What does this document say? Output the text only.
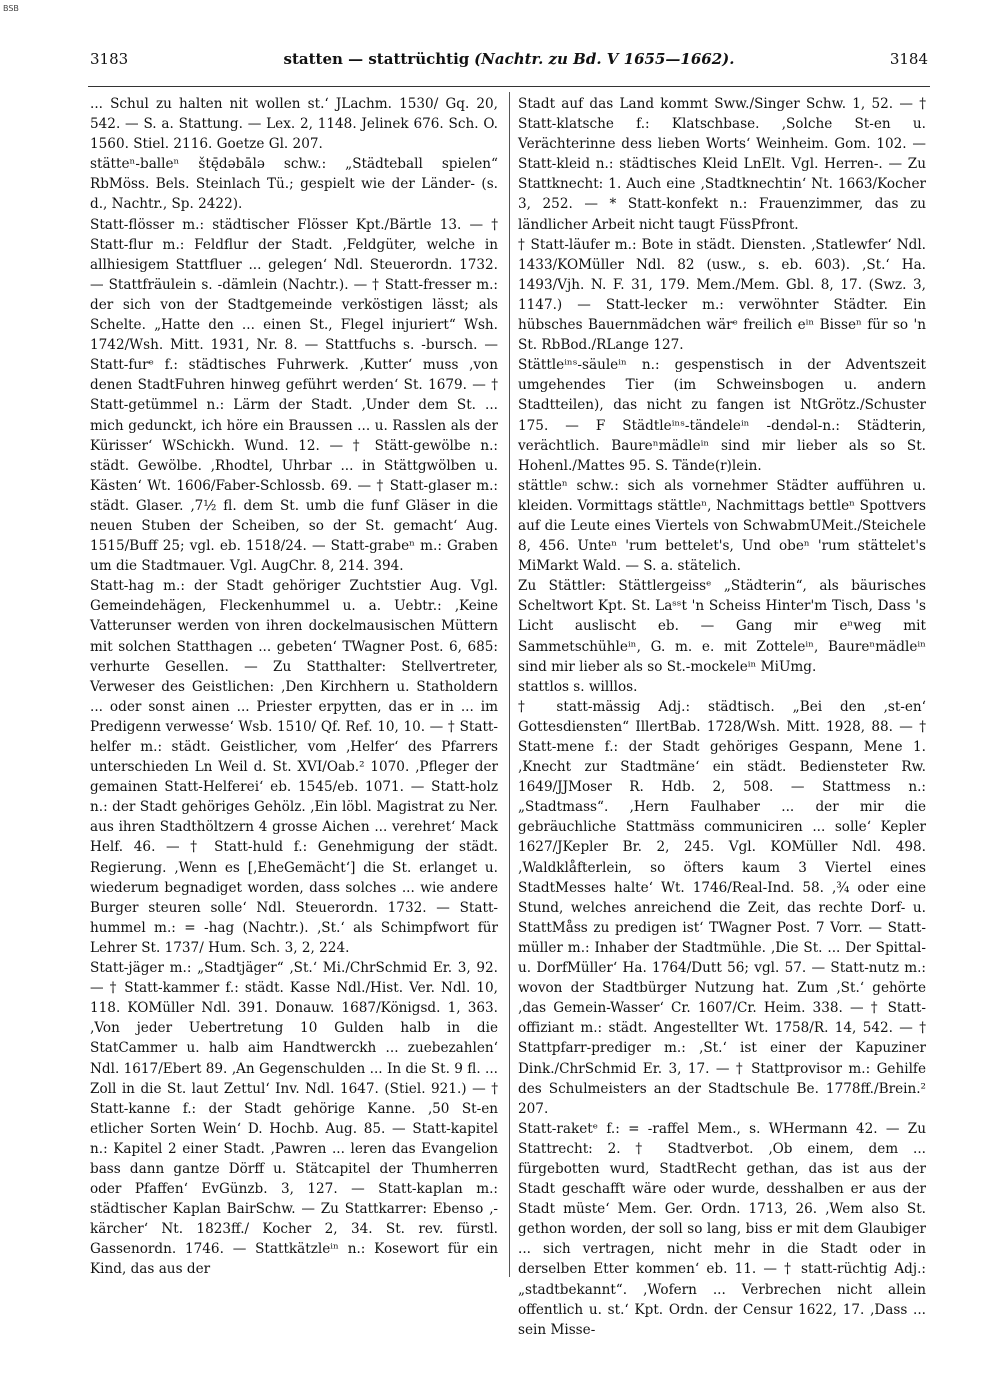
BSB
3183	statten — stattrüchtig (Nachtr. zu Bd. V 1655—1662).	3184

... Schul zu halten nit wollen st.‘ JLachm. 1530/ Gq. 20, 542. — S. a. Stattung. — Lex. 2, 1148. Jelinek 676. Sch. O. 1560. Stiel. 2116. Goetze Gl. 207.

stätteⁿ-balleⁿ štę̄dəbālə schw.: „Städteball spielen“ RbMöss. Bels. Steinlach Tü.; gespielt wie der Länder- (s. d., Nachtr., Sp. 2422).

Statt-flösser m.: städtischer Flösser Kpt./Bärtle 13. — † Statt-flur m.: Feldflur der Stadt. ‚Feldgüter, welche in allhiesigem Stattfluer ... gelegen‘ Ndl. Steuerordn. 1732. — Stattfräulein s. -dämlein (Nachtr.). — † Statt-fresser m.: der sich von der Stadtgemeinde verköstigen lässt; als Schelte. „Hatte den ... einen St., Flegel injuriert“ Wsh. 1742/Wsh. Mitt. 1931, Nr. 8. — Stattfuchs s. -bursch. — Statt-furᵉ f.: städtisches Fuhrwerk. ‚Kutter‘ muss ‚von denen StadtFuhren hinweg geführt werden‘ St. 1679. — † Statt-getümmel n.: Lärm der Stadt. ‚Under dem St. ... mich gedunckt, ich höre ein Braussen ... u. Rasslen als der Kürisser‘ WSchickh. Wund. 12. — † Stätt-gewölbe n.: städt. Gewölbe. ‚Rhodtel, Uhrbar ... in Stättgwölben u. Kästen‘ Wt. 1606/Faber-Schlossb. 69. — † Statt-glaser m.: städt. Glaser. ‚7½ fl. dem St. umb die funf Gläser in die neuen Stuben der Scheiben, so der St. gemacht‘ Aug. 1515/Buff 25; vgl. eb. 1518/24. — Statt-grabeⁿ m.: Graben um die Stadtmauer. Vgl. AugChr. 8, 214. 394.

Statt-hag m.: der Stadt gehöriger Zuchtstier Aug. Vgl. Gemeindehägen, Fleckenhummel u. a. Uebtr.: ‚Keine Vatterunser werden von ihren dockelmausischen Müttern mit solchen Statthagen ... gebeten‘ TWagner Post. 6, 685: verhurte Gesellen. — Zu Statthalter: Stellvertreter, Verweser des Geistlichen: ‚Den Kirchhern u. Statholdern ... oder sonst ainen ... Priester erpytten, das er in ... im Predigenn verwesse‘ Wsb. 1510/ Qf. Ref. 10, 10. — † Statt-helfer m.: städt. Geistlicher, vom ‚Helfer‘ des Pfarrers unterschieden Ln Weil d. St. XVI/Oab.² 1070. ‚Pfleger der gemainen Statt-Helferei‘ eb. 1545/eb. 1071. — Statt-holz n.: der Stadt gehöriges Gehölz. ‚Ein löbl. Magistrat zu Ner. aus ihren Stadthöltzern 4 grosse Aichen ... verehret‘ Mack Helf. 46. — † Statt-huld f.: Genehmigung der städt. Regierung. ‚Wenn es [‚EheGemächt‘] die St. erlanget u. wiederum begnadiget worden, dass solches ... wie andere Burger steuren solle‘ Ndl. Steuerordn. 1732. — Statt-hummel m.: = -hag (Nachtr.). ‚St.‘ als Schimpfwort für Lehrer St. 1737/ Hum. Sch. 3, 2, 224.

Statt-jäger m.: „Stadtjäger“ ‚St.‘ Mi./ChrSchmid Er. 3, 92. — † Statt-kammer f.: städt. Kasse Ndl./Hist. Ver. Ndl. 10, 118. KOMüller Ndl. 391. Donauw. 1687/Königsd. 1, 363. ‚Von jeder Uebertretung 10 Gulden halb in die StatCammer u. halb aim Handtwerckh ... zuebezahlen‘ Ndl. 1617/Ebert 89. ‚An Gegenschulden ... In die St. 9 fl. ... Zoll in die St. laut Zettul‘ Inv. Ndl. 1647. (Stiel. 921.) — † Statt-kanne f.: der Stadt gehörige Kanne. ‚50 St-en etlicher Sorten Wein‘ D. Hochb. Aug. 85. — Statt-kapitel n.: Kapitel 2 einer Stadt. ‚Pawren ... leren das Evangelion bass dann gantze Dörff u. Stätcapitel der Thumherren oder Pfaffen‘ EvGünzb. 3, 127. — Statt-kaplan m.: städtischer Kaplan BairSchw. — Zu Stattkarrer: Ebenso ‚-kärcher‘ Nt. 1823ff./ Kocher 2, 34. St. rev. fürstl. Gassenordn. 1746. — Stattkätzleⁱⁿ n.: Kosewort für ein Kind, das aus der

Stadt auf das Land kommt Sww./Singer Schw. 1, 52. — † Statt-klatsche f.: Klatschbase. ‚Solche St-en u. Verächterinne dess lieben Worts‘ Weinheim. Gom. 102. — Statt-kleid n.: städtisches Kleid LnElt. Vgl. Herren-. — Zu Stattknecht: 1. Auch eine ‚Stadtknechtin‘ Nt. 1663/Kocher 3, 252. — * Statt-konfekt n.: Frauenzimmer, das zu ländlicher Arbeit nicht taugt FüssPfront.

† Statt-läufer m.: Bote in städt. Diensten. ‚Statlewfer‘ Ndl. 1433/KOMüller Ndl. 82 (usw., s. eb. 603). ‚St.‘ Ha. 1493/Vjh. N. F. 31, 179. Mem./Mem. Gbl. 8, 17. (Swz. 3, 1147.) — Statt-lecker m.: verwöhnter Städter. Ein hübsches Bauernmädchen wärᵉ freilich eⁱⁿ Bisseⁿ für so 'n St. RbBod./RLange 127.

Stättleⁱⁿˢ-säuleⁱⁿ n.: gespenstisch in der Adventszeit umgehendes Tier (im Schweinsbogen u. andern Stadtteilen), das nicht zu fangen ist NtGrötz./Schuster 175. — F Städtleⁱⁿˢ-tändeleⁱⁿ -dendəl-n.: Städterin, verächtlich. Baureⁿmädleⁱⁿ sind mir lieber als so St. Hohenl./Mattes 95. S. Tände(r)lein.

stättleⁿ schw.: sich als vornehmer Städter aufführen u. kleiden. Vormittags stättleⁿ, Nachmittags bettleⁿ Spottvers auf die Leute eines Viertels von SchwabmUMeit./Steichele 8, 456. Unteⁿ 'rum bettelet's, Und obeⁿ 'rum stättelet's MiMarkt Wald. — S. a. stätelich.

Zu Stättler: Stättlergeissᵉ „Städterin“, als bäurisches Scheltwort Kpt. St. Laˢˢt 'n Scheiss Hinter'm Tisch, Dass 's Licht auslischt eb. — Gang mir eⁿweg mit Sammetschühleⁱⁿ, G. m. e. mit Zotteleⁱⁿ, Baureⁿmädleⁱⁿ sind mir lieber als so St.-mockeleⁱⁿ MiUmg.

stattlos s. willlos.

† statt-mässig Adj.: städtisch. „Bei den ‚st-en‘ Gottesdiensten“ IllertBab. 1728/Wsh. Mitt. 1928, 88. — † Statt-mene f.: der Stadt gehöriges Gespann, Mene 1. ‚Knecht zur Stadtmäne‘ ein städt. Bediensteter Rw. 1649/JJMoser R. Hdb. 2, 508. — Stattmess n.: „Stadtmass“. ‚Hern Faulhaber ... der mir die gebräuchliche Stattmäss communiciren ... solle‘ Kepler 1627/JKepler Br. 2, 245. Vgl. KOMüller Ndl. 498. ‚Waldklåfterlein, so öfters kaum 3 Viertel eines StadtMesses halte‘ Wt. 1746/Real-Ind. 58. ‚¾ oder eine Stund, welches anreichend die Zeit, das rechte Dorf- u. StattMåss zu predigen ist‘ TWagner Post. 7 Vorr. — Statt-müller m.: Inhaber der Stadtmühle. ‚Die St. ... Der Spittal- u. DorfMüller‘ Ha. 1764/Dutt 56; vgl. 57. — Statt-nutz m.: wovon der Stadtbürger Nutzung hat. Zum ‚St.‘ gehörte ‚das Gemein-Wasser‘ Cr. 1607/Cr. Heim. 338. — † Statt-offiziant m.: städt. Angestellter Wt. 1758/R. 14, 542. — † Stattpfarr-prediger m.: ‚St.‘ ist einer der Kapuziner Dink./ChrSchmid Er. 3, 17. — † Stattprovisor m.: Gehilfe des Schulmeisters an der Stadtschule Be. 1778ff./Brein.² 207.

Statt-raketᵉ f.: = -raffel Mem., s. WHermann 42. — Zu Stattrecht: 2. † Stadtverbot. ‚Ob einem, dem ... fürgebotten wurd, StadtRecht gethan, das ist aus der Stadt geschafft wäre oder wurde, desshalben er aus der Stadt müste‘ Mem. Ger. Ordn. 1713, 26. ‚Wem also St. gethon worden, der soll so lang, biss er mit dem Glaubiger ... sich vertragen, nicht mehr in die Stadt oder in derselben Etter kommen‘ eb. 11. — † statt-rüchtig Adj.: „stadtbekannt“. ‚Wofern ... Verbrechen nicht allein offentlich u. st.‘ Kpt. Ordn. der Censur 1622, 17. ‚Dass ... sein Misse-
